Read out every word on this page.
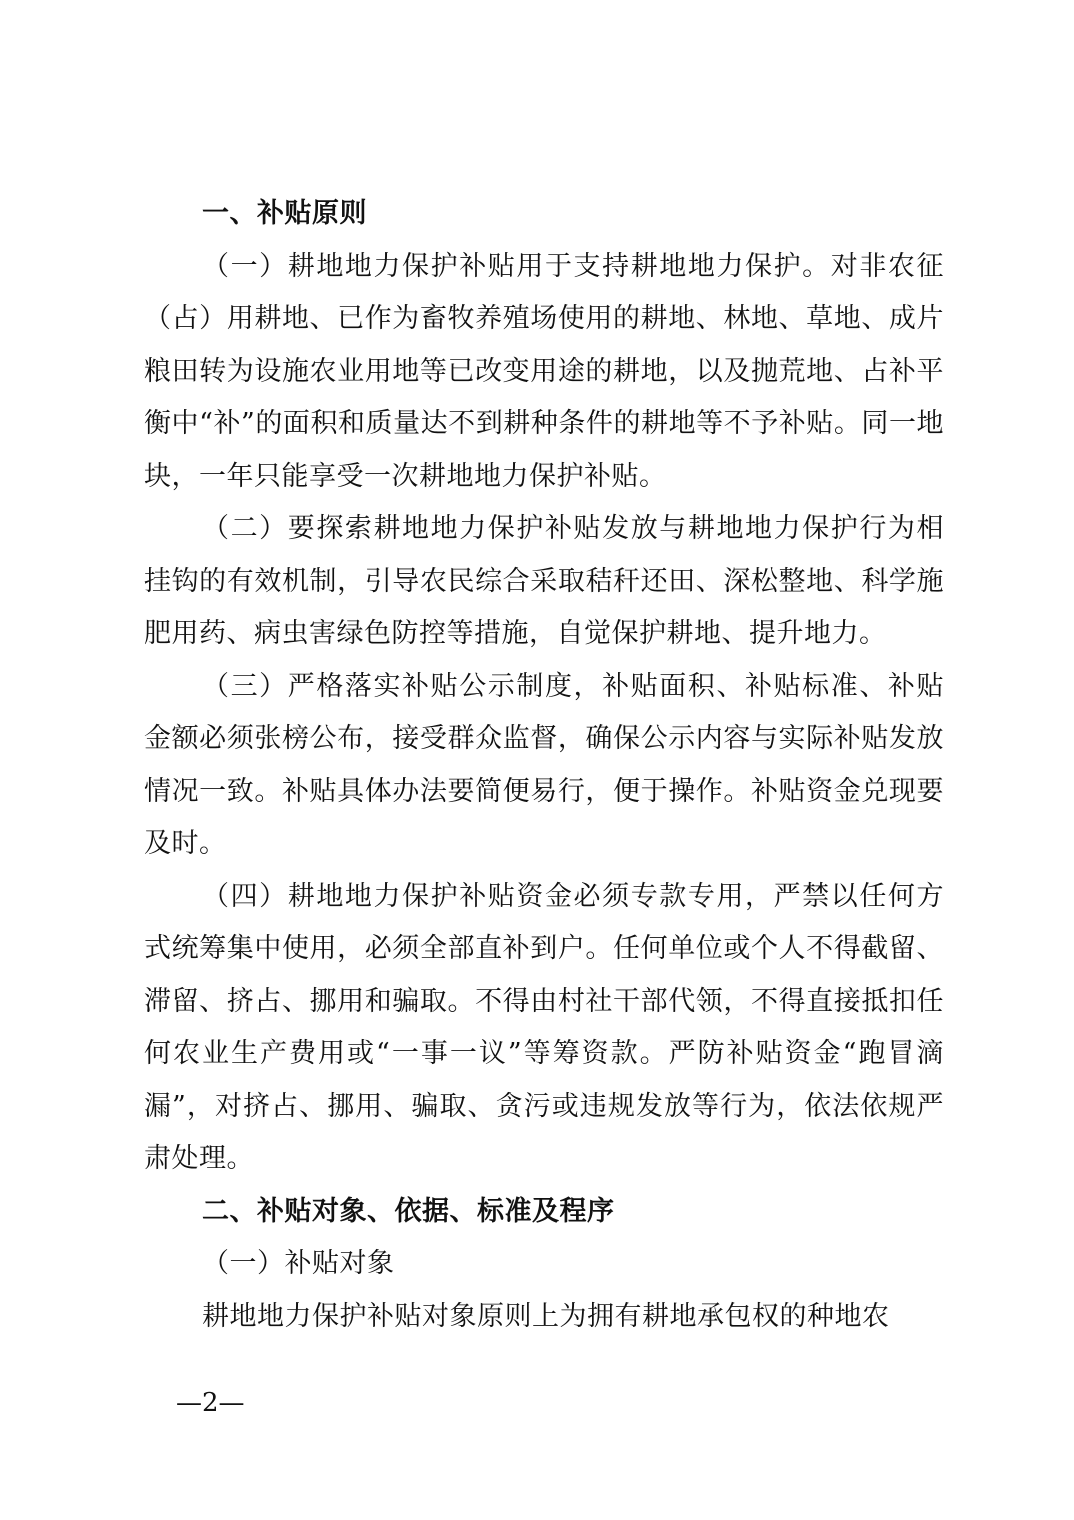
一、补贴原则

（一）耕地地力保护补贴用于支持耕地地力保护。对非农征（占）用耕地、已作为畜牧养殖场使用的耕地、林地、草地、成片粮田转为设施农业用地等已改变用途的耕地，以及抛荒地、占补平衡中“补”的面积和质量达不到耕种条件的耕地等不予补贴。同一地块，一年只能享受一次耕地地力保护补贴。

（二）要探索耕地地力保护补贴发放与耕地地力保护行为相挂钩的有效机制，引导农民综合采取秸秆还田、深松整地、科学施肥用药、病虫害绿色防控等措施，自觉保护耕地、提升地力。

（三）严格落实补贴公示制度，补贴面积、补贴标准、补贴金额必须张榜公布，接受群众监督，确保公示内容与实际补贴发放情况一致。补贴具体办法要简便易行，便于操作。补贴资金兑现要及时。

（四）耕地地力保护补贴资金必须专款专用，严禁以任何方式统筹集中使用，必须全部直补到户。任何单位或个人不得截留、滞留、挤占、挪用和骗取。不得由村社干部代领，不得直接抵扣任何农业生产费用或“一事一议”等筹资款。严防补贴资金“跑冒滴漏”，对挤占、挪用、骗取、贪污或违规发放等行为，依法依规严肃处理。

二、补贴对象、依据、标准及程序

（一）补贴对象

耕地地力保护补贴对象原则上为拥有耕地承包权的种地农

—2—
